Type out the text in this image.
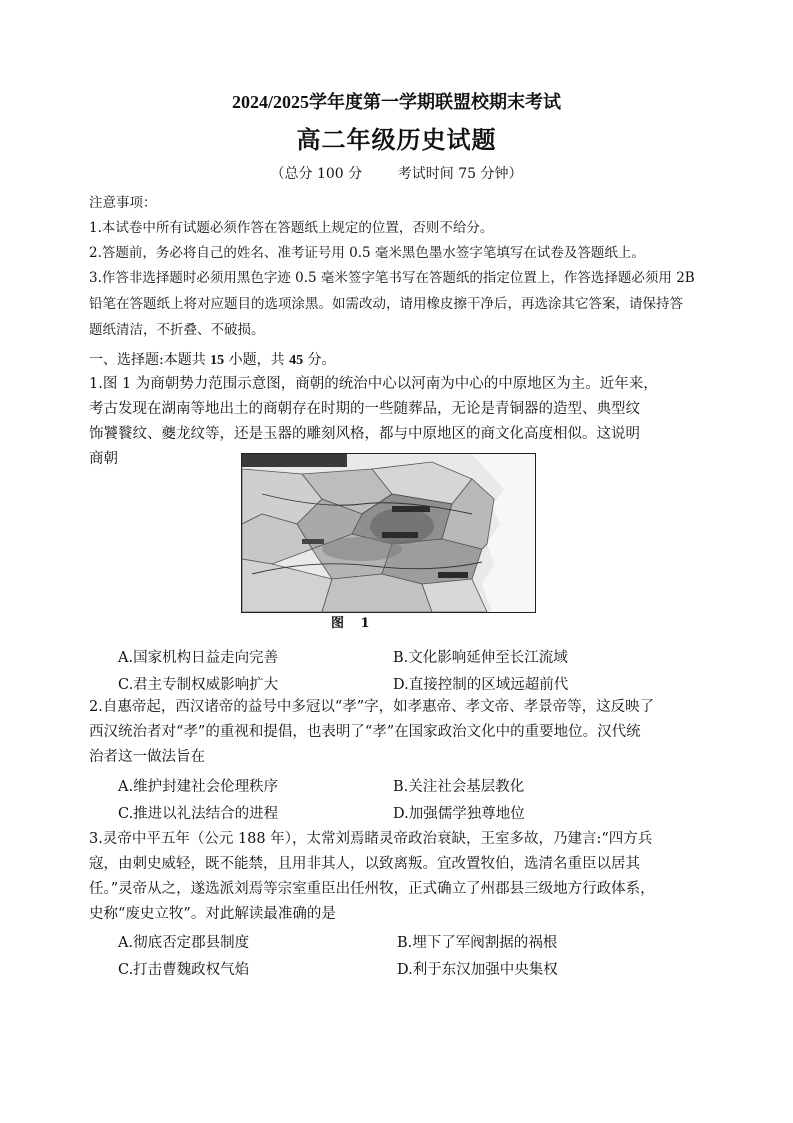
2024/2025学年度第一学期联盟校期末考试
高二年级历史试题
（总分 100 分	考试时间 75 分钟）
注意事项：
1.本试卷中所有试题必须作答在答题纸上规定的位置，否则不给分。
2.答题前，务必将自己的姓名、准考证号用 0.5 毫米黑色墨水签字笔填写在试卷及答题纸上。
3.作答非选择题时必须用黑色字迹 0.5 毫米签字笔书写在答题纸的指定位置上，作答选择题必须用 2B
铅笔在答题纸上将对应题目的选项涂黑。如需改动，请用橡皮擦干净后，再选涂其它答案，请保持答
题纸清洁，不折叠、不破损。
一、选择题:本题共 15 小题，共 45 分。

1.图 1 为商朝势力范围示意图，商朝的统治中心以河南为中心的中原地区为主。近年来，

考古发现在湖南等地出土的商朝存在时期的一些随葬品，无论是青铜器的造型、典型纹

饰饕餮纹、夔龙纹等，还是玉器的雕刻风格，都与中原地区的商文化高度相似。这说明

商朝

图 1
A.国家机构日益走向完善	B.文化影响延伸至长江流域
C.君主专制权威影响扩大	D.直接控制的区域远超前代

2.自惠帝起，西汉诸帝的益号中多冠以“孝”字，如孝惠帝、孝文帝、孝景帝等，这反映了

西汉统治者对“孝”的重视和提倡，也表明了“孝”在国家政治文化中的重要地位。汉代统

治者这一做法旨在

A.维护封建社会伦理秩序	B.关注社会基层教化
C.推进以礼法结合的进程	D.加强儒学独尊地位

3.灵帝中平五年（公元 188 年），太常刘焉睹灵帝政治衰缺，王室多故，乃建言:“四方兵

寇，由刺史威轻，既不能禁，且用非其人，以致离叛。宜改置牧伯，选清名重臣以居其

任。”灵帝从之，遂选派刘焉等宗室重臣出任州牧，正式确立了州郡县三级地方行政体系，

史称“废史立牧”。对此解读最准确的是

A.彻底否定郡县制度	B.埋下了军阀割据的祸根
C.打击曹魏政权气焰	D.利于东汉加强中央集权
